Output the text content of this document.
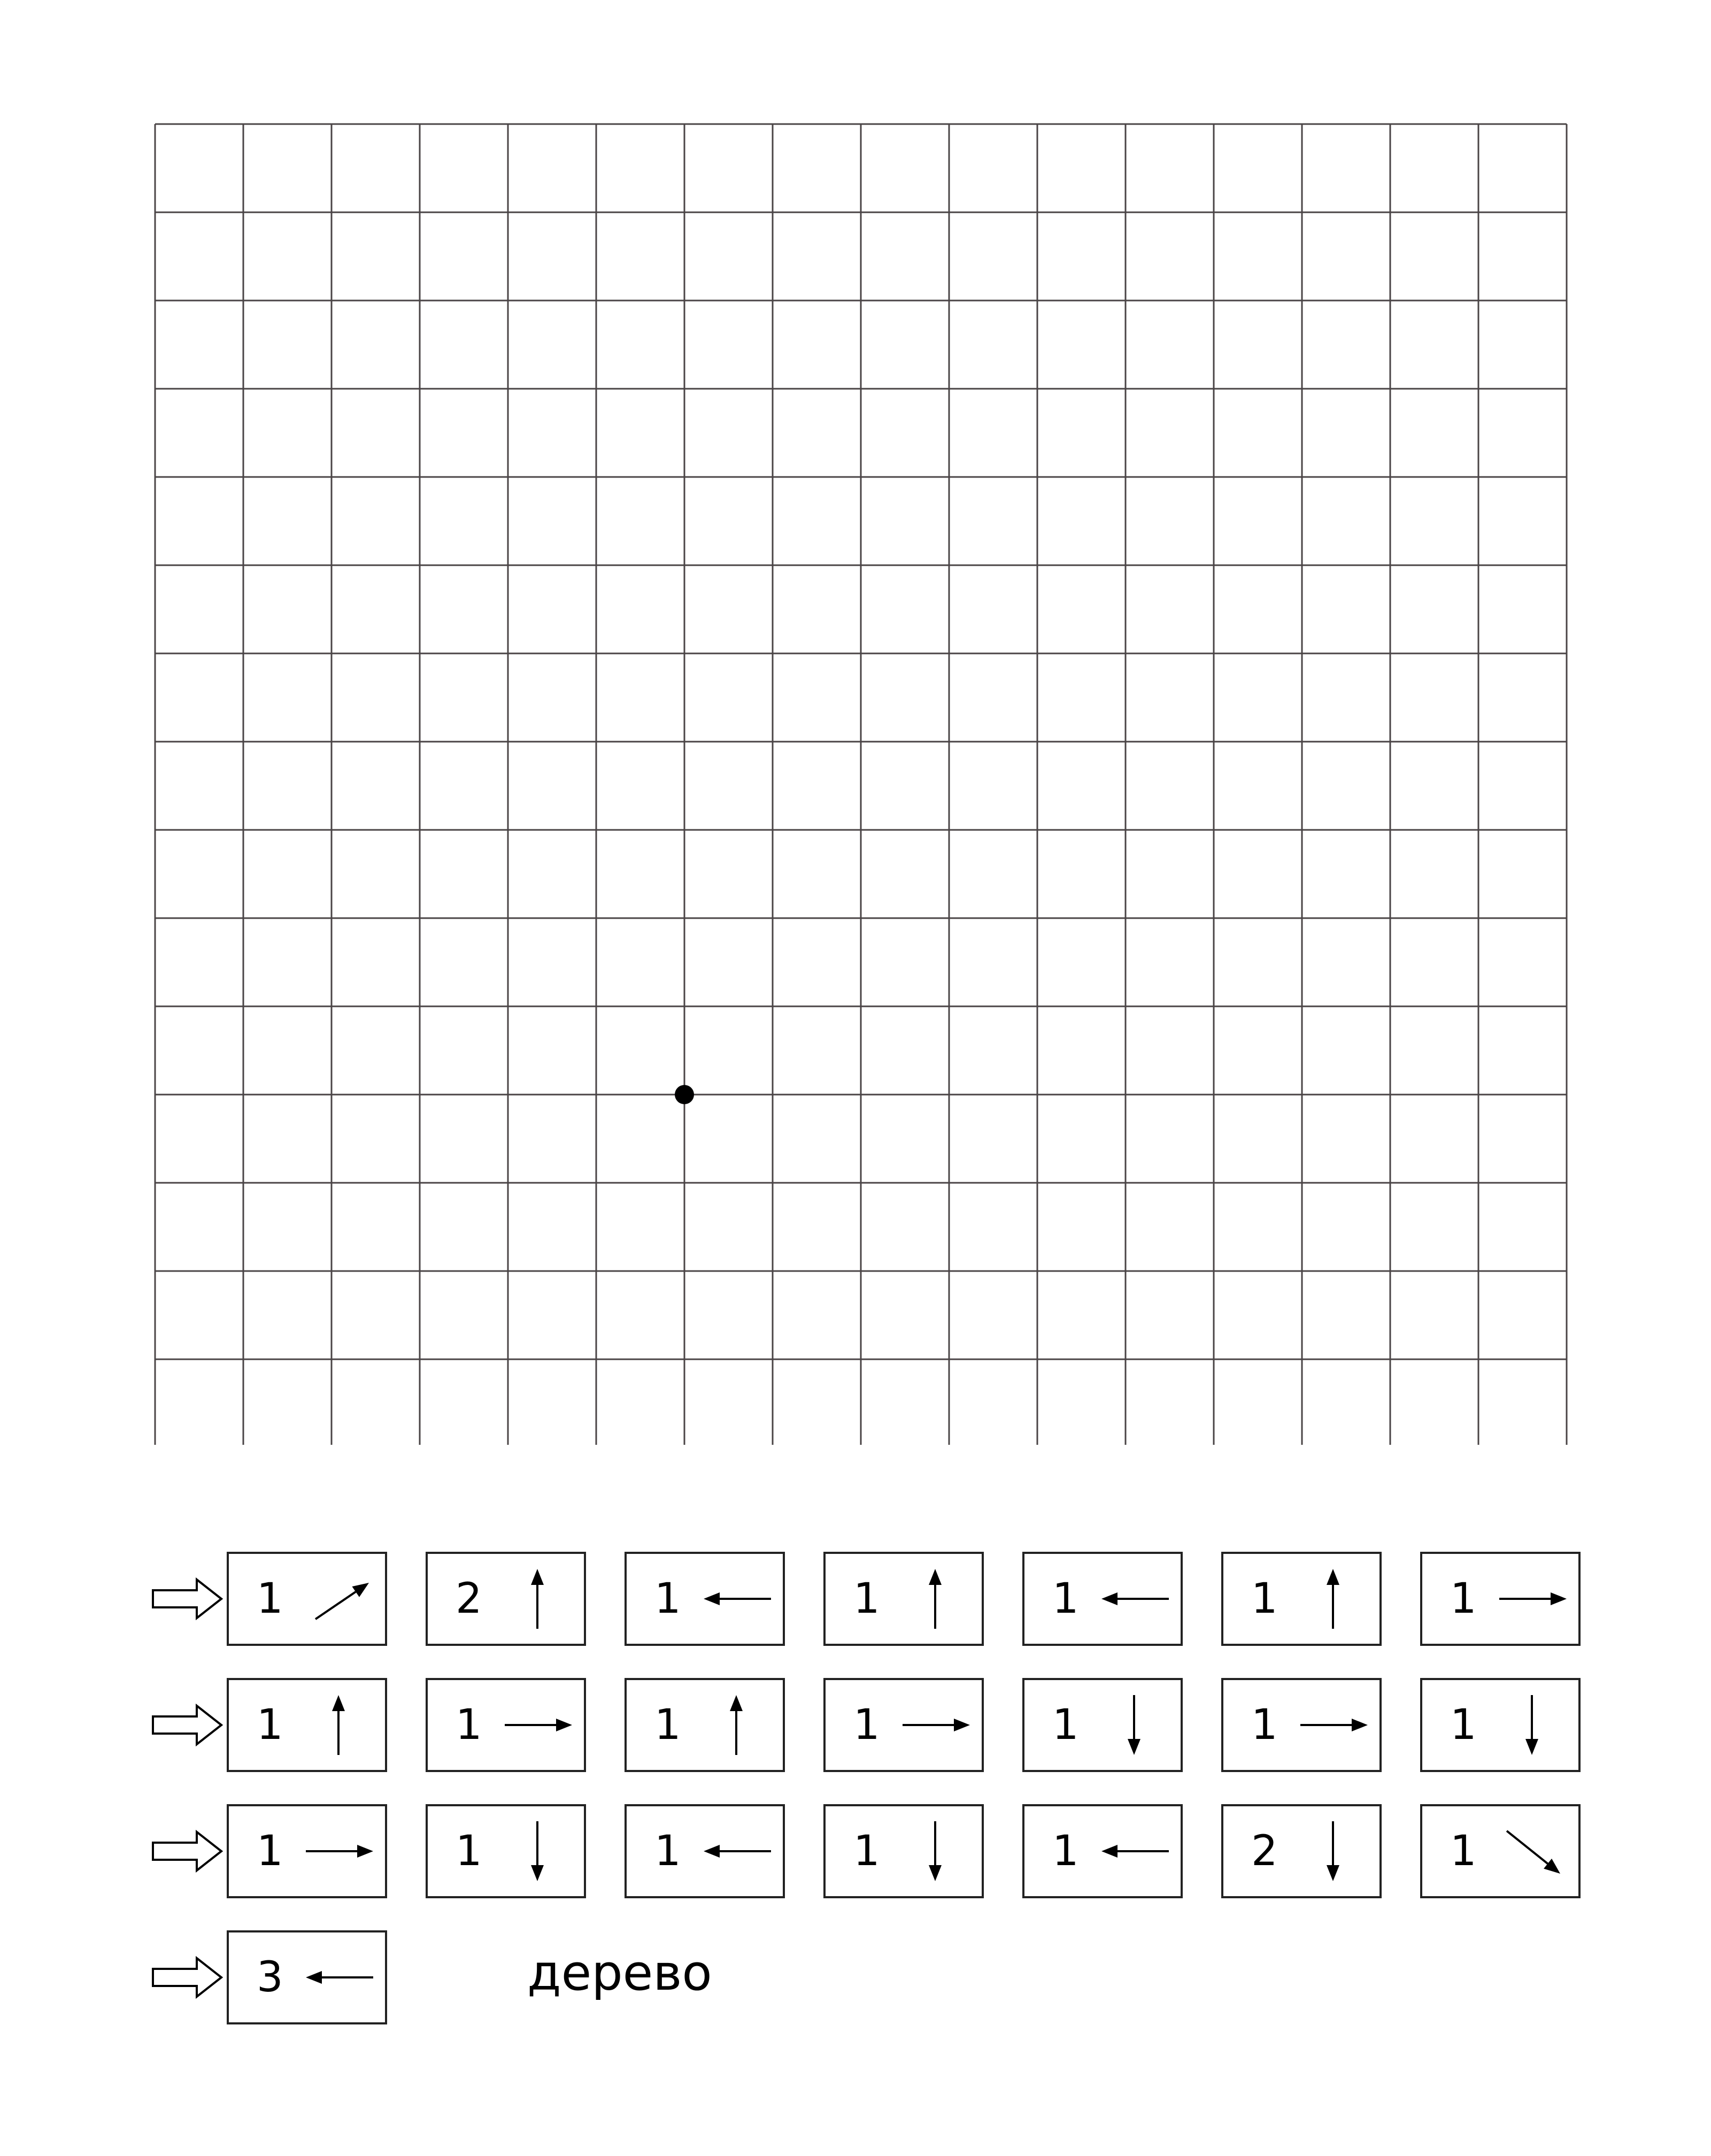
1	2	1	1	1	1	1
1	1	1	1	1	1	1
1	1	1	1	1	2	1
3	дерево
